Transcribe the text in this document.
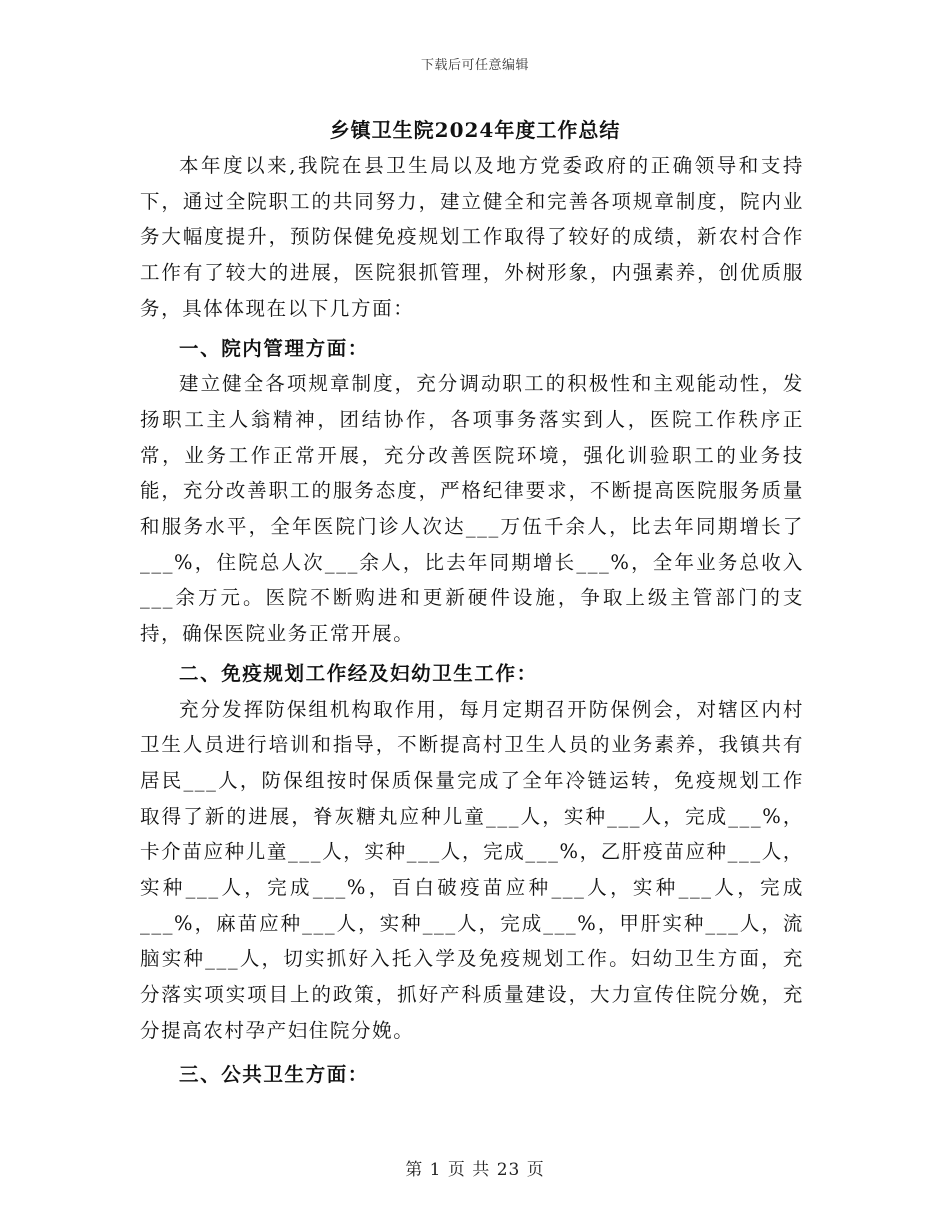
下载后可任意编辑
乡镇卫生院2024年度工作总结

本年度以来,我院在县卫生局以及地方党委政府的正确领导和支持下，通过全院职工的共同努力，建立健全和完善各项规章制度，院内业务大幅度提升，预防保健免疫规划工作取得了较好的成绩，新农村合作工作有了较大的进展，医院狠抓管理，外树形象，内强素养，创优质服务，具体体现在以下几方面：

一、院内管理方面：

建立健全各项规章制度，充分调动职工的积极性和主观能动性，发扬职工主人翁精神，团结协作，各项事务落实到人，医院工作秩序正常，业务工作正常开展，充分改善医院环境，强化训验职工的业务技能，充分改善职工的服务态度，严格纪律要求，不断提高医院服务质量和服务水平，全年医院门诊人次达___万伍千余人，比去年同期增长了___%，住院总人次___余人，比去年同期增长___%，全年业务总收入___余万元。医院不断购进和更新硬件设施，争取上级主管部门的支持，确保医院业务正常开展。

二、免疫规划工作经及妇幼卫生工作：

充分发挥防保组机构取作用，每月定期召开防保例会，对辖区内村卫生人员进行培训和指导，不断提高村卫生人员的业务素养，我镇共有居民___人，防保组按时保质保量完成了全年冷链运转，免疫规划工作取得了新的进展，脊灰糖丸应种儿童___人，实种___人，完成___%，卡介苗应种儿童___人，实种___人，完成___%，乙肝疫苗应种___人，实种___人，完成___%，百白破疫苗应种___人，实种___人，完成___%，麻苗应种___人，实种___人，完成___%，甲肝实种___人，流脑实种___人，切实抓好入托入学及免疫规划工作。妇幼卫生方面，充分落实项实项目上的政策，抓好产科质量建设，大力宣传住院分娩，充分提高农村孕产妇住院分娩。

三、公共卫生方面：
第 1 页 共 23 页
